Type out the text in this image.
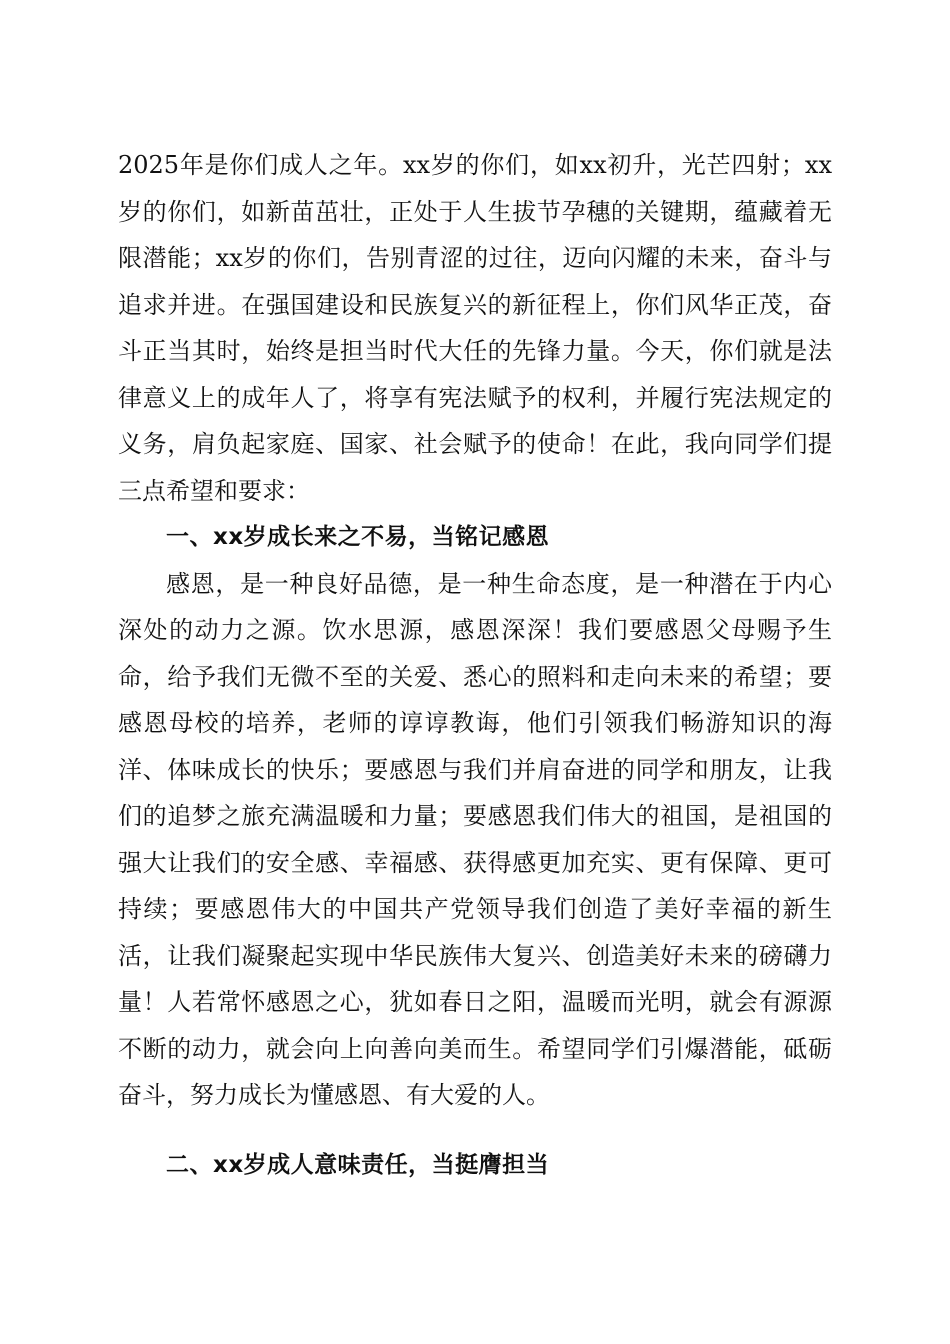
2025年是你们成人之年。xx岁的你们，如xx初升，光芒四射；xx岁的你们，如新苗茁壮，正处于人生拔节孕穗的关键期，蕴藏着无限潜能；xx岁的你们，告别青涩的过往，迈向闪耀的未来，奋斗与追求并进。在强国建设和民族复兴的新征程上，你们风华正茂，奋斗正当其时，始终是担当时代大任的先锋力量。今天，你们就是法律意义上的成年人了，将享有宪法赋予的权利，并履行宪法规定的义务，肩负起家庭、国家、社会赋予的使命！在此，我向同学们提三点希望和要求：

一、xx岁成长来之不易，当铭记感恩

感恩，是一种良好品德，是一种生命态度，是一种潜在于内心深处的动力之源。饮水思源，感恩深深！我们要感恩父母赐予生命，给予我们无微不至的关爱、悉心的照料和走向未来的希望；要感恩母校的培养，老师的谆谆教诲，他们引领我们畅游知识的海洋、体味成长的快乐；要感恩与我们并肩奋进的同学和朋友，让我们的追梦之旅充满温暖和力量；要感恩我们伟大的祖国，是祖国的强大让我们的安全感、幸福感、获得感更加充实、更有保障、更可持续；要感恩伟大的中国共产党领导我们创造了美好幸福的新生活，让我们凝聚起实现中华民族伟大复兴、创造美好未来的磅礴力量！人若常怀感恩之心，犹如春日之阳，温暖而光明，就会有源源不断的动力，就会向上向善向美而生。希望同学们引爆潜能，砥砺奋斗，努力成长为懂感恩、有大爱的人。

二、xx岁成人意味责任，当挺膺担当
